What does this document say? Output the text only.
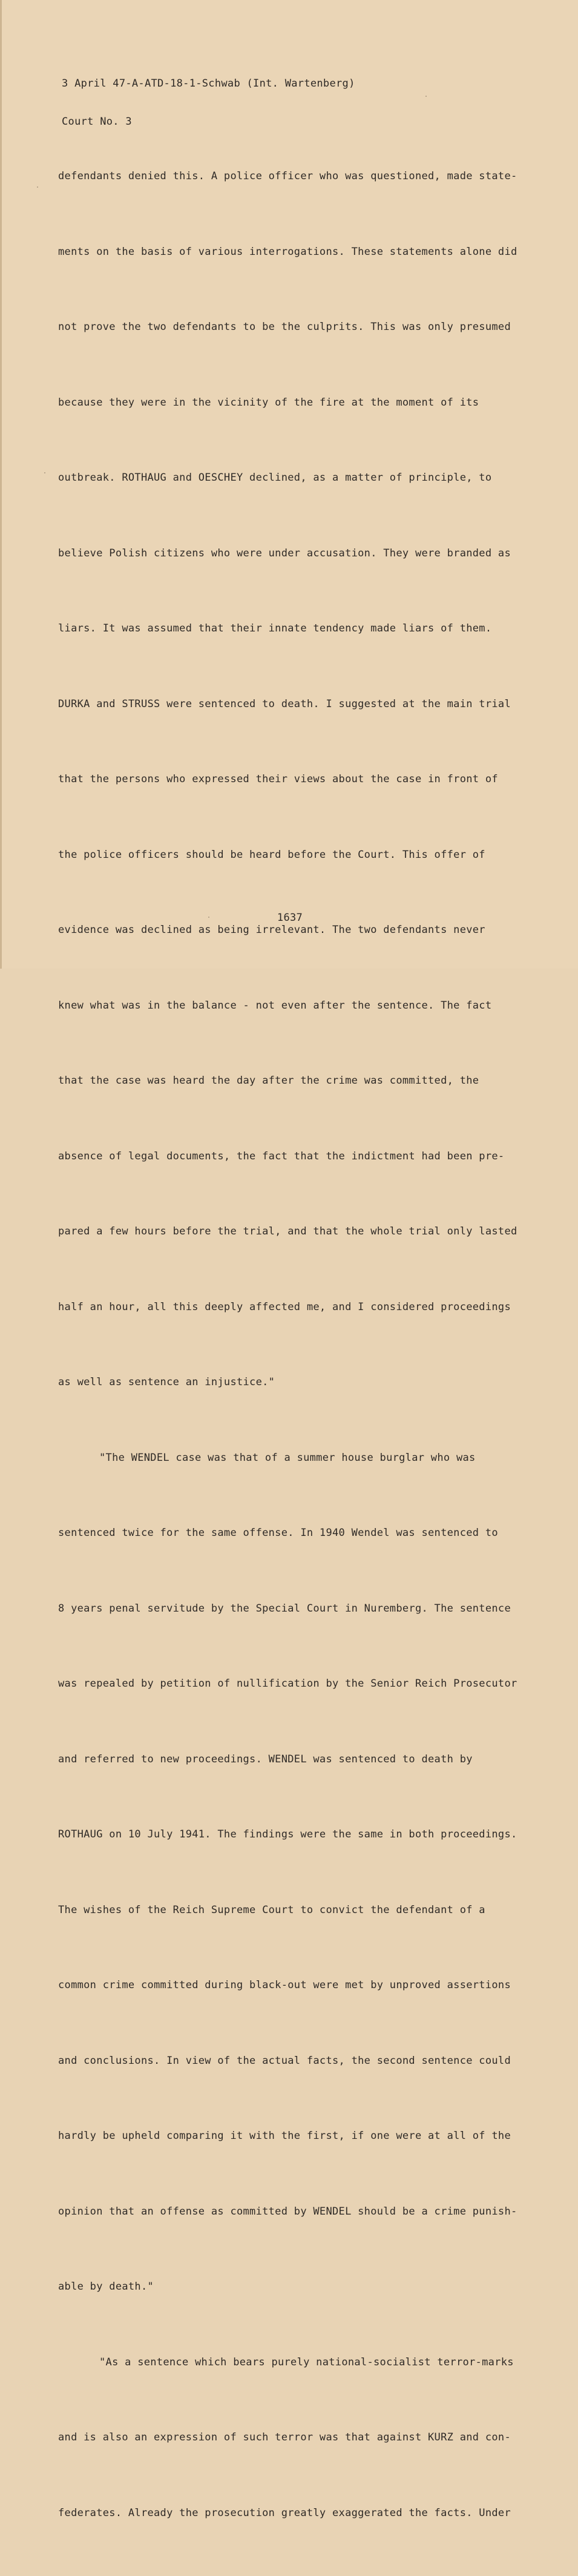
3 April 47-A-ATD-18-1-Schwab (Int. Wartenberg)

Court No. 3

defendants denied this. A police officer who was questioned, made state-

ments on the basis of various interrogations. These statements alone did

not prove the two defendants to be the culprits. This was only presumed

because they were in the vicinity of the fire at the moment of its

outbreak. ROTHAUG and OESCHEY declined, as a matter of principle, to

believe Polish citizens who were under accusation. They were branded as

liars. It was assumed that their innate tendency made liars of them.

DURKA and STRUSS were sentenced to death. I suggested at the main trial

that the persons who expressed their views about the case in front of

the police officers should be heard before the Court. This offer of

evidence was declined as being irrelevant. The two defendants never

knew what was in the balance - not even after the sentence. The fact

that the case was heard the day after the crime was committed, the

absence of legal documents, the fact that the indictment had been pre-

pared a few hours before the trial, and that the whole trial only lasted

half an hour, all this deeply affected me, and I considered proceedings

as well as sentence an injustice."

"The WENDEL case was that of a summer house burglar who was

sentenced twice for the same offense. In 1940 Wendel was sentenced to

8 years penal servitude by the Special Court in Nuremberg. The sentence

was repealed by petition of nullification by the Senior Reich Prosecutor

and referred to new proceedings. WENDEL was sentenced to death by

ROTHAUG on 10 July 1941. The findings were the same in both proceedings.

The wishes of the Reich Supreme Court to convict the defendant of a

common crime committed during black-out were met by unproved assertions

and conclusions. In view of the actual facts, the second sentence could

hardly be upheld comparing it with the first, if one were at all of the

opinion that an offense as committed by WENDEL should be a crime punish-

able by death."

"As a sentence which bears purely national-socialist terror-marks

and is also an expression of such terror was that against KURZ and con-

federates. Already the prosecution greatly exaggerated the facts. Under

1637
